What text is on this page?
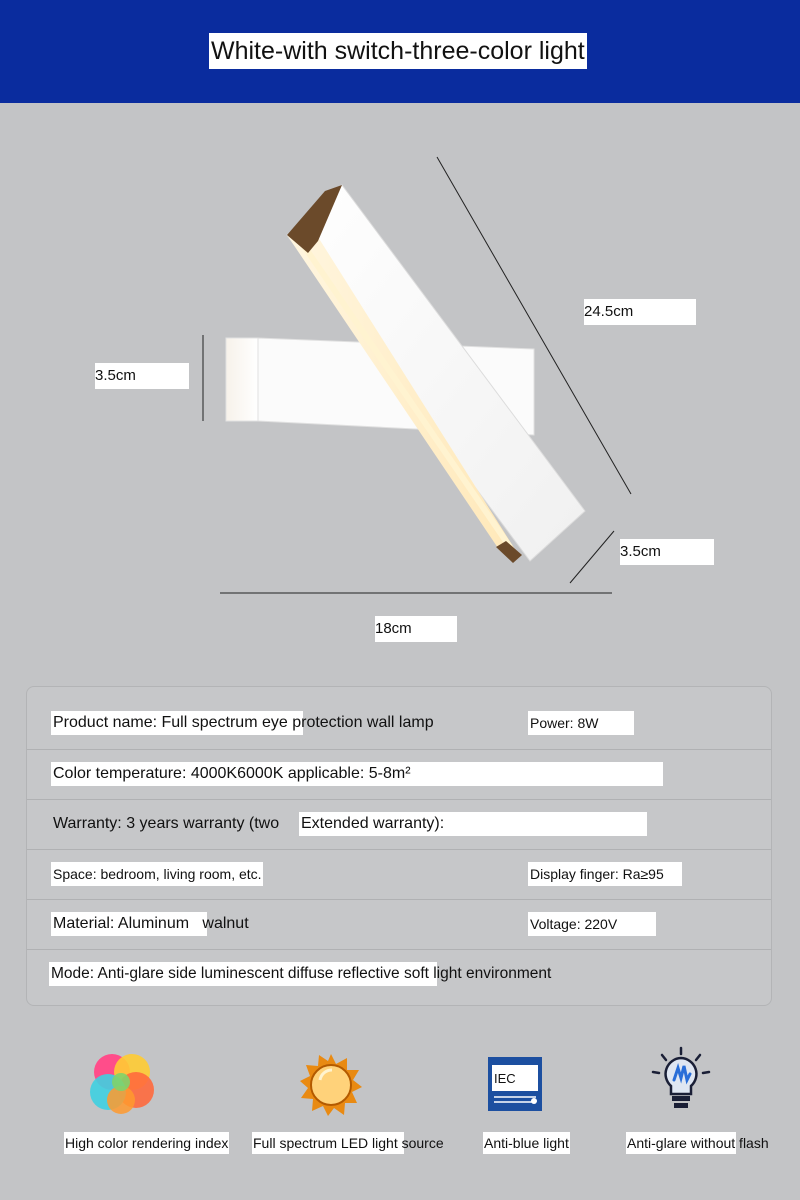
White-with switch-three-color light
24.5cm
3.5cm
3.5cm
18cm
Product name: Full spectrum eye protection wall lamp	Power: 8W
Color temperature: 4000K6000K applicable: 5-8m²
Warranty: 3 years warranty (two Extended warranty):
Space: bedroom, living room, etc.	Display finger: Ra≥95
Material: Aluminum   walnut	Voltage: 220V
Mode: Anti-glare side luminescent diffuse reflective soft light environment
IEC
High color rendering index Full spectrum LED light source	Anti-blue light	Anti-glare without flash
